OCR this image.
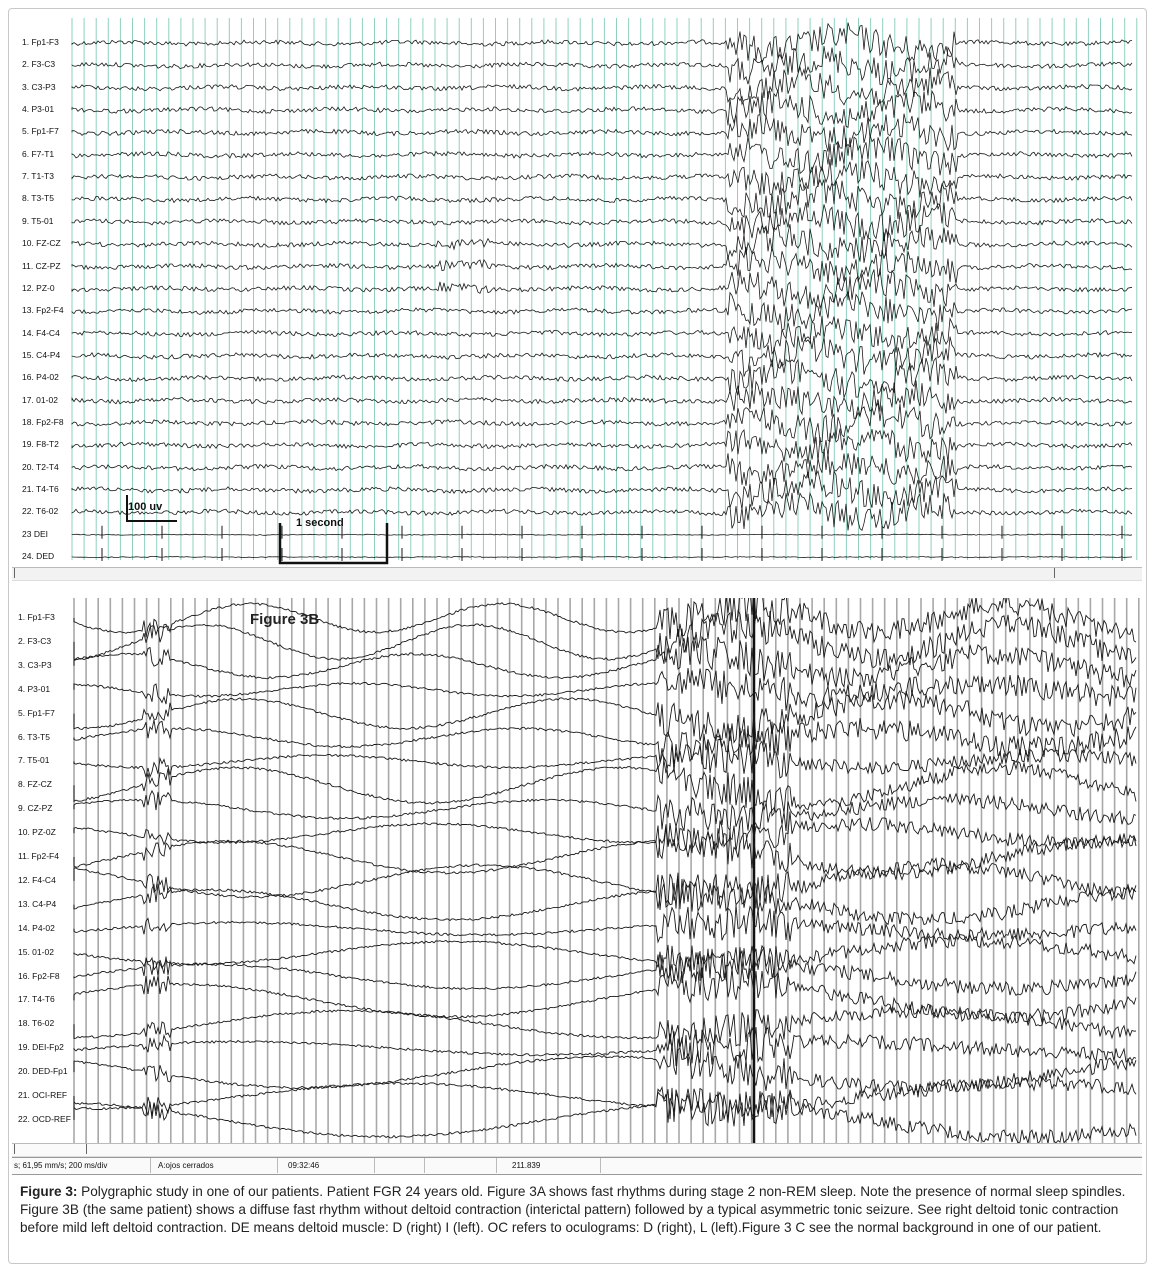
1. Fp1-F3
2. F3-C3
3. C3-P3
4. P3-01
5. Fp1-F7
6. F7-T1
7. T1-T3
8. T3-T5
9. T5-01
10. FZ-CZ
11. CZ-PZ
12. PZ-0
13. Fp2-F4
14. F4-C4
15. C4-P4
16. P4-02
17. 01-02
18. Fp2-F8
19. F8-T2
20. T2-T4
21. T4-T6
22. T6-02
23 DEI
24. DED
100 uv
1 second
1. Fp1-F3
2. F3-C3
3. C3-P3
4. P3-01
5. Fp1-F7
6. T3-T5
7. T5-01
8. FZ-CZ
9. CZ-PZ
10. PZ-0Z
11. Fp2-F4
12. F4-C4
13. C4-P4
14. P4-02
15. 01-02
16. Fp2-F8
17. T4-T6
18. T6-02
19. DEI-Fp2
20. DED-Fp1
21. OCI-REF
22. OCD-REF
Figure 3B
s; 61,95 mm/s; 200 ms/div	A:ojos cerrados	09:32:46	211.839
Figure 3: Polygraphic study in one of our patients. Patient FGR 24 years old. Figure 3A shows fast rhythms during stage 2 non-REM sleep. Note the presence of normal sleep spindles. Figure 3B (the same patient) shows a diffuse fast rhythm without deltoid contraction (interictal pattern) followed by a typical asymmetric tonic seizure. See right deltoid tonic contraction before mild left deltoid contraction. DE means deltoid muscle: D (right) I (left). OC refers to oculograms: D (right), L (left).Figure 3 C see the normal background in one of our patient.
